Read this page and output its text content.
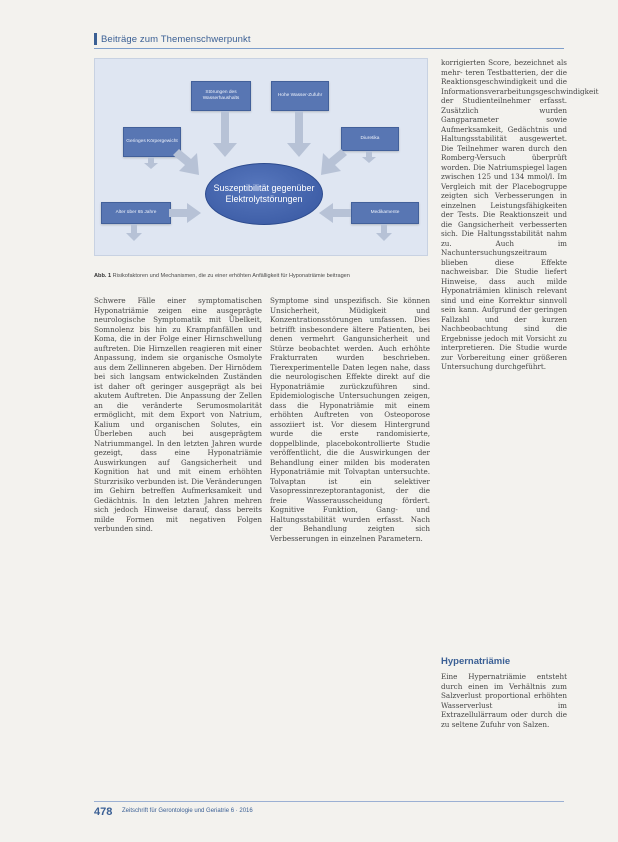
Beiträge zum Themenschwerpunkt
Störungen des Wasserhaushalts
Hohe Wasser-Zufuhr
Geringes Körpergewicht
Diuretika
Alter über 65 Jahre	Medikamente
Suszeptibilität gegenüber Elektrolytstörungen
Abb. 1 Risikofaktoren und Mechanismen, die zu einer erhöhten Anfälligkeit für Hyponatriämie beitragen
Schwere Fälle einer symptomatischen Hyponatriämie zeigen eine ausgeprägte neurologische Symptomatik mit Übelkeit, Somnolenz bis hin zu Krampfanfällen und Koma, die in der Folge einer Hirnschwellung auftreten. Die Hirnzellen reagieren mit einer Anpassung, indem sie organische Osmolyte aus dem Zellinneren abgeben. Der Hirnödem bei sich langsam entwickelnden Zuständen ist daher oft geringer ausgeprägt als bei akutem Auftreten. Die Anpassung der Zellen an die veränderte Serumosmolarität ermöglicht, mit dem Export von Natrium, Kalium und organischen Solutes, ein Überleben auch bei ausgeprägtem Natriummangel. In den letzten Jahren wurde gezeigt, dass eine Hyponatriämie Auswirkungen auf Gangsicherheit und Kognition hat und mit einem erhöhten Sturzrisiko verbunden ist. Die Veränderungen im Gehirn betreffen Aufmerksamkeit und Gedächtnis. In den letzten Jahren mehren sich jedoch Hinweise darauf, dass bereits milde Formen mit negativen Folgen verbunden sind.
Symptome sind unspezifisch. Sie können Unsicherheit, Müdigkeit und Konzentrationsstörungen umfassen. Dies betrifft insbesondere ältere Patienten, bei denen vermehrt Gangunsicherheit und Stürze beobachtet werden. Auch erhöhte Frakturraten wurden beschrieben. Tierexperimentelle Daten legen nahe, dass die neurologischen Effekte direkt auf die Hyponatriämie zurückzuführen sind. Epidemiologische Untersuchungen zeigen, dass die Hyponatriämie mit einem erhöhten Auftreten von Osteoporose assoziiert ist. Vor diesem Hintergrund wurde die erste randomisierte, doppelblinde, placebokontrollierte Studie veröffentlicht, die die Auswirkungen der Behandlung einer milden bis moderaten Hyponatriämie mit Tolvaptan untersuchte. Tolvaptan ist ein selektiver Vasopressinrezeptorantagonist, der die freie Wasserausscheidung fördert. Kognitive Funktion, Gang- und Haltungsstabilität wurden erfasst. Nach der Behandlung zeigten sich Verbesserungen in einzelnen Parametern.
korrigierten Score, bezeichnet als mehr- teren Testbatterien, der die Reaktionsgeschwindigkeit und die Informationsverarbeitungsgeschwindigkeit der Studienteilnehmer erfasst. Zusätzlich wurden Gangparameter sowie Aufmerksamkeit, Gedächtnis und Haltungsstabilität ausgewertet. Die Teilnehmer waren durch den Romberg-Versuch überprüft worden. Die Natriumspiegel lagen zwischen 125 und 134 mmol/l. Im Vergleich mit der Placebogruppe zeigten sich Verbesserungen in einzelnen Leistungsfähigkeiten der Tests. Die Reaktionszeit und die Gangsicherheit verbesserten sich. Die Haltungsstabilität nahm zu. Auch im Nachuntersuchungszeitraum blieben diese Effekte nachweisbar. Die Studie liefert Hinweise, dass auch milde Hyponatriämien klinisch relevant sind und eine Korrektur sinnvoll sein kann. Aufgrund der geringen Fallzahl und der kurzen Nachbeobachtung sind die Ergebnisse jedoch mit Vorsicht zu interpretieren. Die Studie wurde zur Vorbereitung einer größeren Untersuchung durchgeführt.
Hypernatriämie
Eine Hypernatriämie entsteht durch einen im Verhältnis zum Salzverlust proportional erhöhten Wasserverlust im Extrazellulärraum oder durch die zu seltene Zufuhr von Salzen.
478 Zeitschrift für Gerontologie und Geriatrie 6 · 2016
